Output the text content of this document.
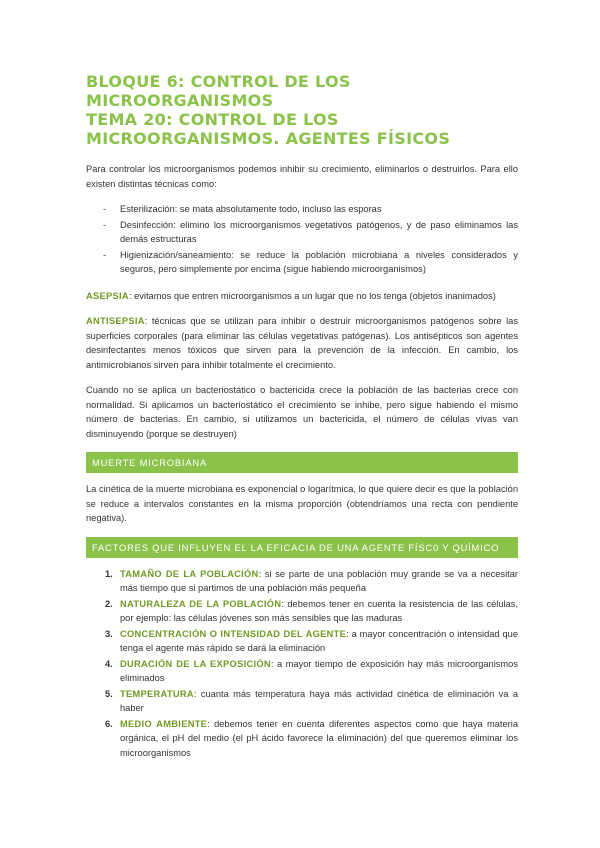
BLOQUE 6: CONTROL DE LOS MICROORGANISMOS
TEMA 20: CONTROL DE LOS MICROORGANISMOS. AGENTES FÍSICOS

Para controlar los microorganismos podemos inhibir su crecimiento, eliminarlos o destruirlos. Para ello existen distintas técnicas como:

- Esterilización: se mata absolutamente todo, incluso las esporas
- Desinfección: elimino los microorganismos vegetativos patógenos, y de paso eliminamos las demás estructuras
- Higienización/saneamiento: se reduce la población microbiana a niveles considerados y seguros, pero simplemente por encima (sigue habiendo microorganismos)

ASEPSIA: evitamos que entren microorganismos a un lugar que no los tenga (objetos inanimados)

ANTISEPSIA: técnicas que se utilizan para inhibir o destruir microorganismos patógenos sobre las superficies corporales (para eliminar las células vegetativas patógenas). Los antisépticos son agentes desinfectantes menos tóxicos que sirven para la prevención de la infección. En cambio, los antimicrobianos sirven para inhibir totalmente el crecimiento.

Cuando no se aplica un bacteriostático o bactericida crece la población de las bacterias crece con normalidad. Si aplicamos un bacteriostático el crecimiento se inhibe, pero sigue habiendo el mismo número de bacterias. En cambio, si utilizamos un bactericida, el número de células vivas van disminuyendo (porque se destruyen)

MUERTE MICROBIANA

La cinética de la muerte microbiana es exponencial o logarítmica, lo que quiere decir es que la población se reduce a intervalos constantes en la misma proporción (obtendríamos una recta con pendiente negativa).

FACTORES QUE INFLUYEN EL LA EFICACIA DE UNA AGENTE FÍSC0 Y QUÍMICO
1. TAMAÑO DE LA POBLACIÓN: si se parte de una población muy grande se va a necesitar más tiempo que si partimos de una población más pequeña
2. NATURALEZA DE LA POBLACIÓN: debemos tener en cuenta la resistencia de las células, por ejemplo: las células jóvenes son más sensibles que las maduras
3. CONCENTRACIÓN O INTENSIDAD DEL AGENTE: a mayor concentración o intensidad que tenga el agente más rápido se dará la eliminación
4. DURACIÓN DE LA EXPOSICIÓN: a mayor tiempo de exposición hay más microorganismos eliminados
5. TEMPERATURA: cuanta más temperatura haya más actividad cinética de eliminación va a haber
6. MEDIO AMBIENTE: debemos tener en cuenta diferentes aspectos como que haya materia orgánica, el pH del medio (el pH ácido favorece la eliminación) del que queremos eliminar los microorganismos
